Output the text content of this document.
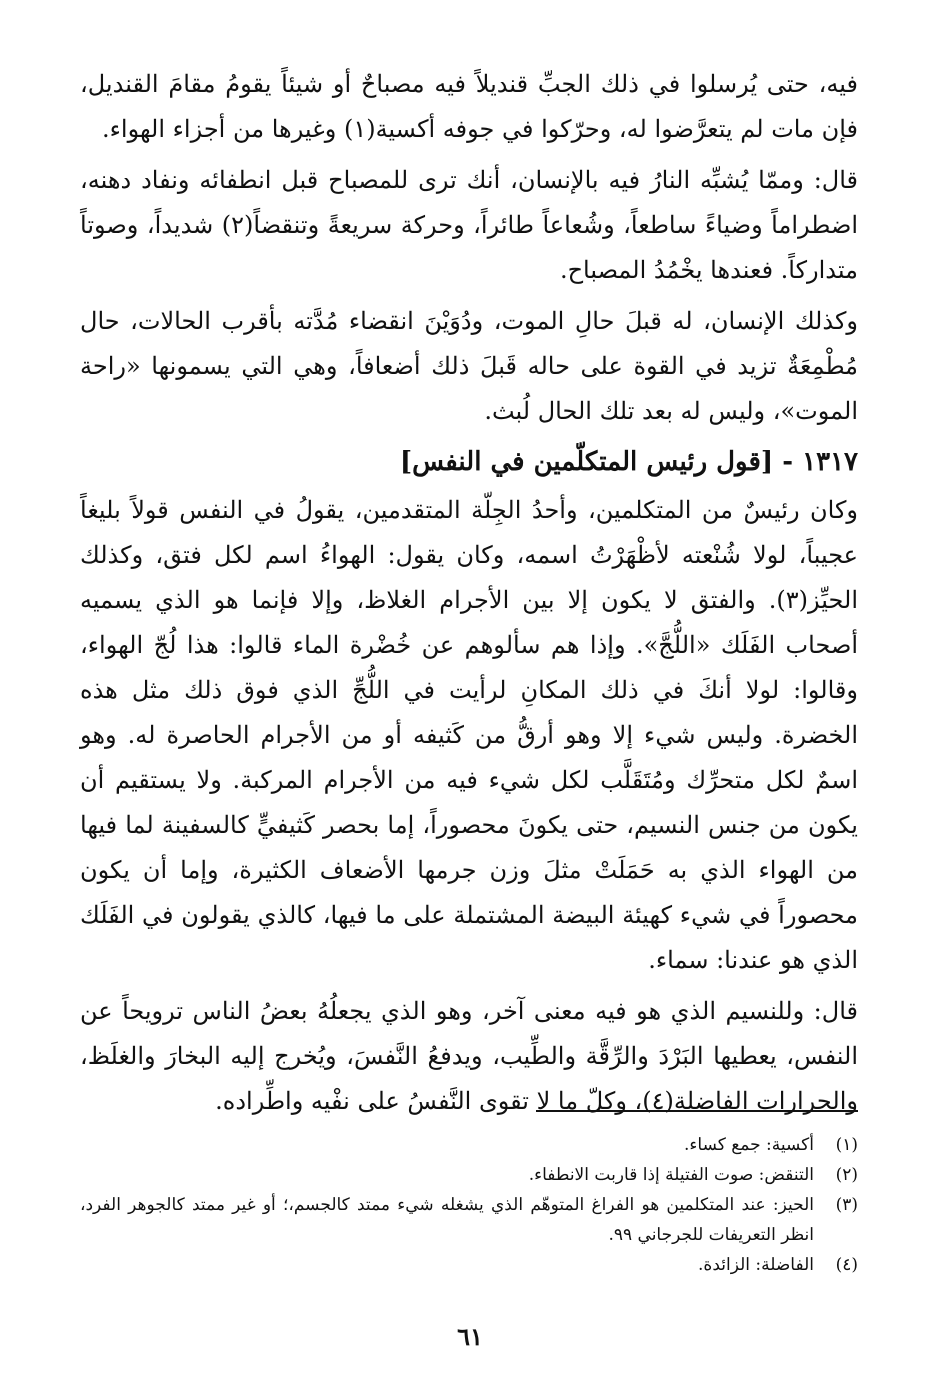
فيه، حتى يُرسلوا في ذلك الجبِّ قنديلاً فيه مصباحٌ أو شيئاً يقومُ مقامَ القنديل، فإن مات لم يتعرَّضوا له، وحرّكوا في جوفه أكسية(١) وغيرها من أجزاء الهواء.

قال: وممّا يُشبِّه النارُ فيه بالإنسان، أنك ترى للمصباح قبل انطفائه ونفاد دهنه، اضطراماً وضياءً ساطعاً، وشُعاعاً طائراً، وحركة سريعةً وتنقضاً(٢) شديداً، وصوتاً متداركاً. فعندها يخْمُدُ المصباح.

وكذلك الإنسان، له قبلَ حالِ الموت، ودُوَيْنَ انقضاء مُدَّته بأقرب الحالات، حال مُطْمِعَةٌ تزيد في القوة على حاله قَبلَ ذلك أضعافاً، وهي التي يسمونها «راحة الموت»، وليس له بعد تلك الحال لُبث.

١٣١٧ - [قول رئيس المتكلّمين في النفس]

وكان رئيسٌ من المتكلمين، وأحدُ الجِلّة المتقدمين، يقولُ في النفس قولاً بليغاً عجيباً، لولا شُنْعته لأظْهَرْتُ اسمه، وكان يقول: الهواءُ اسم لكل فتق، وكذلك الحيِّز(٣). والفتق لا يكون إلا بين الأجرام الغلاظ، وإلا فإنما هو الذي يسميه أصحاب الفَلَك «اللُّجَّ». وإذا هم سألوهم عن خُضْرة الماء قالوا: هذا لُجّ الهواء، وقالوا: لولا أنكَ في ذلك المكانِ لرأيت في اللُّجِّ الذي فوق ذلك مثل هذه الخضرة. وليس شيء إلا وهو أرقُّ من كَثيفه أو من الأجرام الحاصرة له. وهو اسمٌ لكل متحرِّك ومُتَقَلَّب لكل شيء فيه من الأجرام المركبة. ولا يستقيم أن يكون من جنس النسيم، حتى يكونَ محصوراً، إما بحصر كَثيفيٍّ كالسفينة لما فيها من الهواء الذي به حَمَلَتْ مثلَ وزن جرمها الأضعاف الكثيرة، وإما أن يكون محصوراً في شيء كهيئة البيضة المشتملة على ما فيها، كالذي يقولون في الفَلَك الذي هو عندنا: سماء.

قال: وللنسيم الذي هو فيه معنى آخر، وهو الذي يجعلُهُ بعضُ الناس ترويحاً عن النفس، يعطيها البَرْدَ والرِّقَّة والطِّيب، ويدفعُ النَّفسَ، ويُخرج إليه البخارَ والغلَظ، والحرارات الفاضلة(٤)، وكلّ ما لا تقوى النَّفسُ على نفْيه واطِّراده.

(١)
أكسية: جمع كساء.
(٢)
التنقض: صوت الفتيلة إذا قاربت الانطفاء.
(٣)
الحيز: عند المتكلمين هو الفراغ المتوهّم الذي يشغله شيء ممتد كالجسم،؛ أو غير ممتد كالجوهر الفرد، انظر التعريفات للجرجاني ٩٩.
(٤)
الفاضلة: الزائدة.
٦١
